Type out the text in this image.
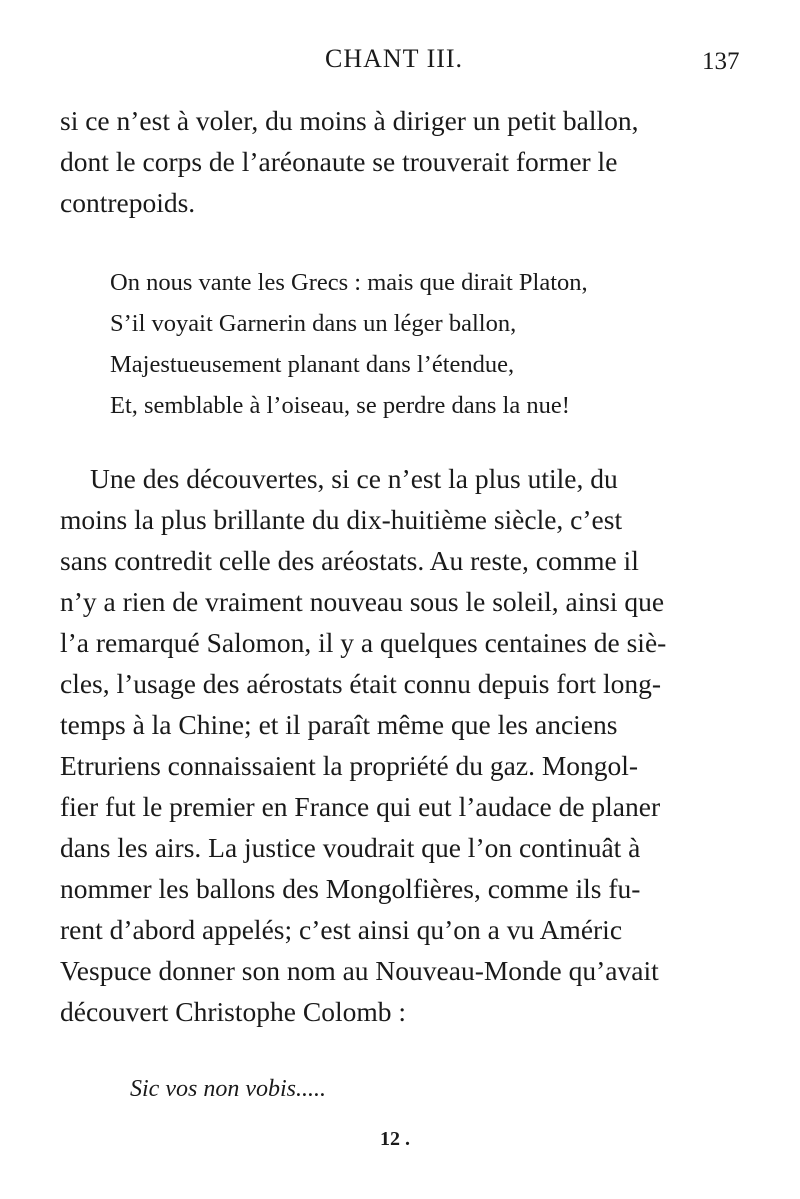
CHANT III.	137

si ce n’est à voler, du moins à diriger un petit ballon,
dont le corps de l’aréonaute se trouverait former le
contrepoids.

On nous vante les Grecs : mais que dirait Platon,
S’il voyait Garnerin dans un léger ballon,
Majestueusement planant dans l’étendue,
Et, semblable à l’oiseau, se perdre dans la nue!

Une des découvertes, si ce n’est la plus utile, du
moins la plus brillante du dix-huitième siècle, c’est
sans contredit celle des aréostats. Au reste, comme il
n’y a rien de vraiment nouveau sous le soleil, ainsi que
l’a remarqué Salomon, il y a quelques centaines de siè-
cles, l’usage des aérostats était connu depuis fort long-
temps à la Chine; et il paraît même que les anciens
Etruriens connaissaient la propriété du gaz. Mongol-
fier fut le premier en France qui eut l’audace de planer
dans les airs. La justice voudrait que l’on continuât à
nommer les ballons des Mongolfières, comme ils fu-
rent d’abord appelés; c’est ainsi qu’on a vu Améric
Vespuce donner son nom au Nouveau-Monde qu’avait
découvert Christophe Colomb :

Sic vos non vobis.....

12 .
